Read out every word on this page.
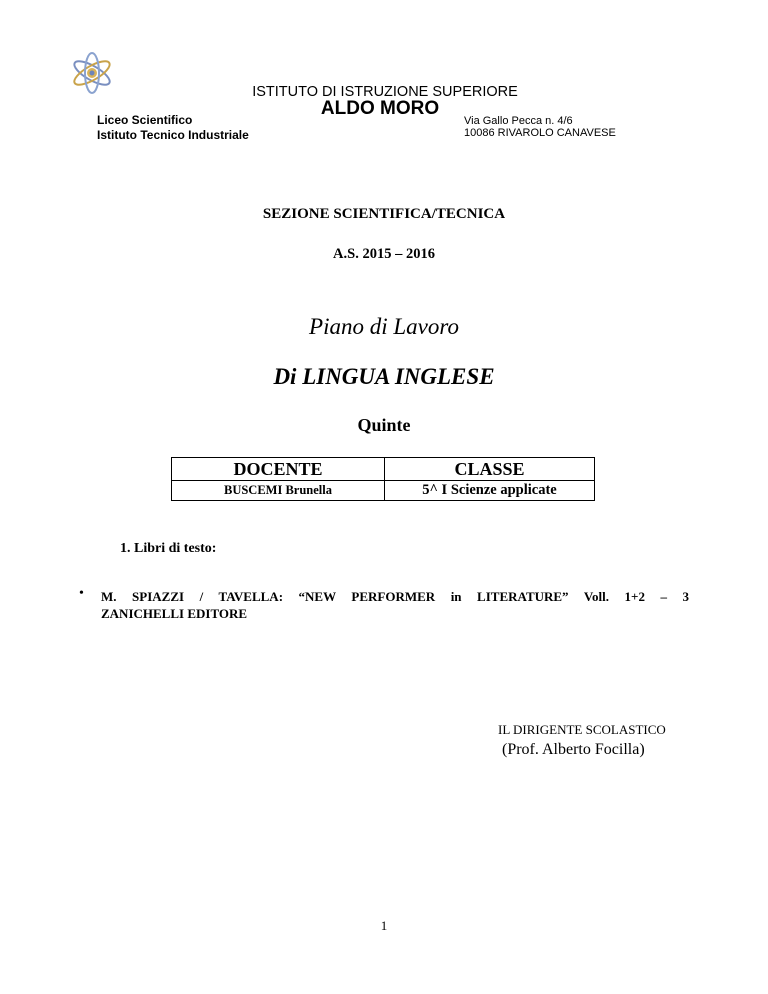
ISTITUTO DI ISTRUZIONE SUPERIORE
ALDO MORO
Liceo Scientifico
Istituto Tecnico Industriale
Via Gallo Pecca n. 4/6
10086 RIVAROLO CANAVESE
SEZIONE SCIENTIFICA/TECNICA
A.S. 2015 – 2016
Piano di Lavoro
Di LINGUA INGLESE
Quinte
DOCENTE	CLASSE
BUSCEMI Brunella	5^ I Scienze applicate
1. Libri di testo:
• M. SPIAZZI / TAVELLA: “NEW PERFORMER in LITERATURE” Voll. 1+2 – 3
ZANICHELLI EDITORE
IL DIRIGENTE SCOLASTICO
(Prof. Alberto Focilla)
1
